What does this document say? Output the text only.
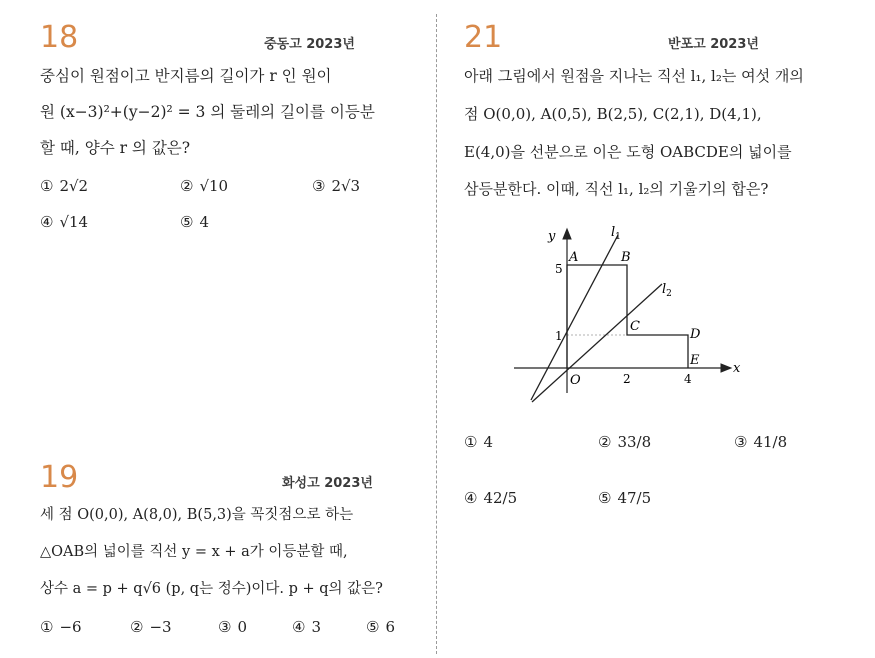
18	중동고 2023년
중심이 원점이고 반지름의 길이가 r 인 원이
원 (x−3)²+(y−2)² = 3 의 둘레의 길이를 이등분
할 때, 양수 r 의 값은?
① 2√2	② √10	③ 2√3
④ √14	⑤ 4
19	화성고 2023년
세 점 O(0,0), A(8,0), B(5,3)을 꼭짓점으로 하는
△OAB의 넓이를 직선 y = x + a가 이등분할 때,
상수 a = p + q√6 (p, q는 정수)이다. p + q의 값은?
① −6	② −3	③ 0	④ 3	⑤ 6
21	반포고 2023년
아래 그림에서 원점을 지나는 직선 l₁, l₂는 여섯 개의
점 O(0,0), A(0,5), B(2,5), C(2,1), D(4,1),
E(4,0)을 선분으로 이은 도형 OABCDE의 넓이를
삼등분한다. 이때, 직선 l₁, l₂의 기울기의 합은?
y
x
A	B
C
D
E
O
5
1
2	4
$l_1$
$l_2$
① 4	② 33/8	③ 41/8
④ 42/5	⑤ 47/5
